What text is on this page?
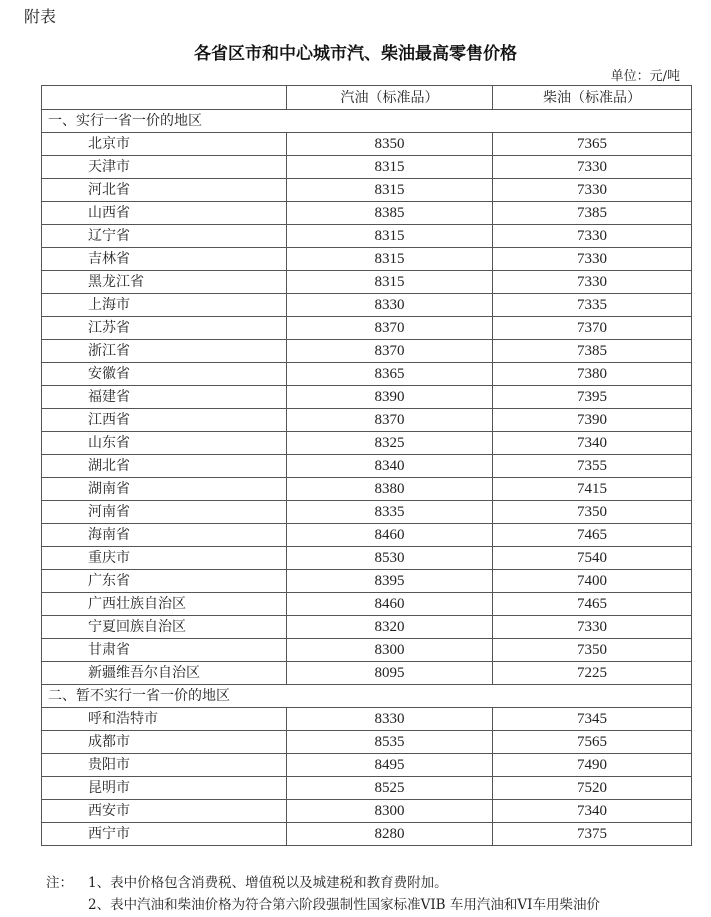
附表
各省区市和中心城市汽、柴油最高零售价格
单位：元/吨
	汽油（标准品）	柴油（标准品）
一、实行一省一价的地区		
北京市	8350	7365
天津市	8315	7330
河北省	8315	7330
山西省	8385	7385
辽宁省	8315	7330
吉林省	8315	7330
黑龙江省	8315	7330
上海市	8330	7335
江苏省	8370	7370
浙江省	8370	7385
安徽省	8365	7380
福建省	8390	7395
江西省	8370	7390
山东省	8325	7340
湖北省	8340	7355
湖南省	8380	7415
河南省	8335	7350
海南省	8460	7465
重庆市	8530	7540
广东省	8395	7400
广西壮族自治区	8460	7465
宁夏回族自治区	8320	7330
甘肃省	8300	7350
新疆维吾尔自治区	8095	7225
二、暂不实行一省一价的地区		
呼和浩特市	8330	7345
成都市	8535	7565
贵阳市	8495	7490
昆明市	8525	7520
西安市	8300	7340
西宁市	8280	7375
注： 1、表中价格包含消费税、增值税以及城建税和教育费附加。
2、表中汽油和柴油价格为符合第六阶段强制性国家标准VIB 车用汽油和VI车用柴油价
